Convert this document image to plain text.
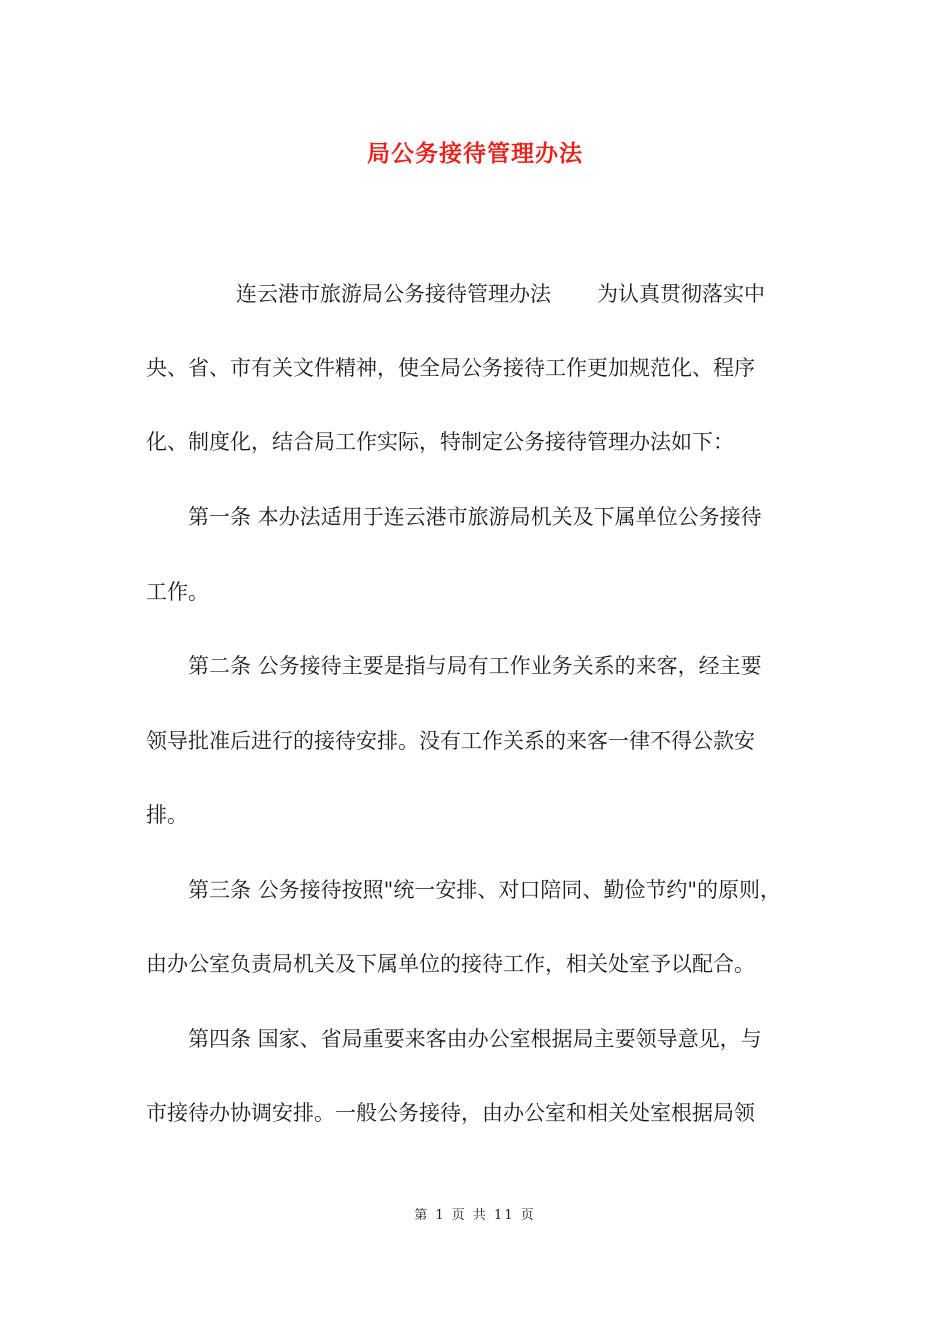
局公务接待管理办法
连云港市旅游局公务接待管理办法 为认真贯彻落实中
央、省、市有关文件精神，使全局公务接待工作更加规范化、程序
化、制度化，结合局工作实际，特制定公务接待管理办法如下：
第一条 本办法适用于连云港市旅游局机关及下属单位公务接待
工作。
第二条 公务接待主要是指与局有工作业务关系的来客，经主要
领导批准后进行的接待安排。没有工作关系的来客一律不得公款安
排。
第三条 公务接待按照"统一安排、对口陪同、勤俭节约"的原则，
由办公室负责局机关及下属单位的接待工作，相关处室予以配合。
第四条 国家、省局重要来客由办公室根据局主要领导意见，与
市接待办协调安排。一般公务接待，由办公室和相关处室根据局领
第 1 页 共 11 页
